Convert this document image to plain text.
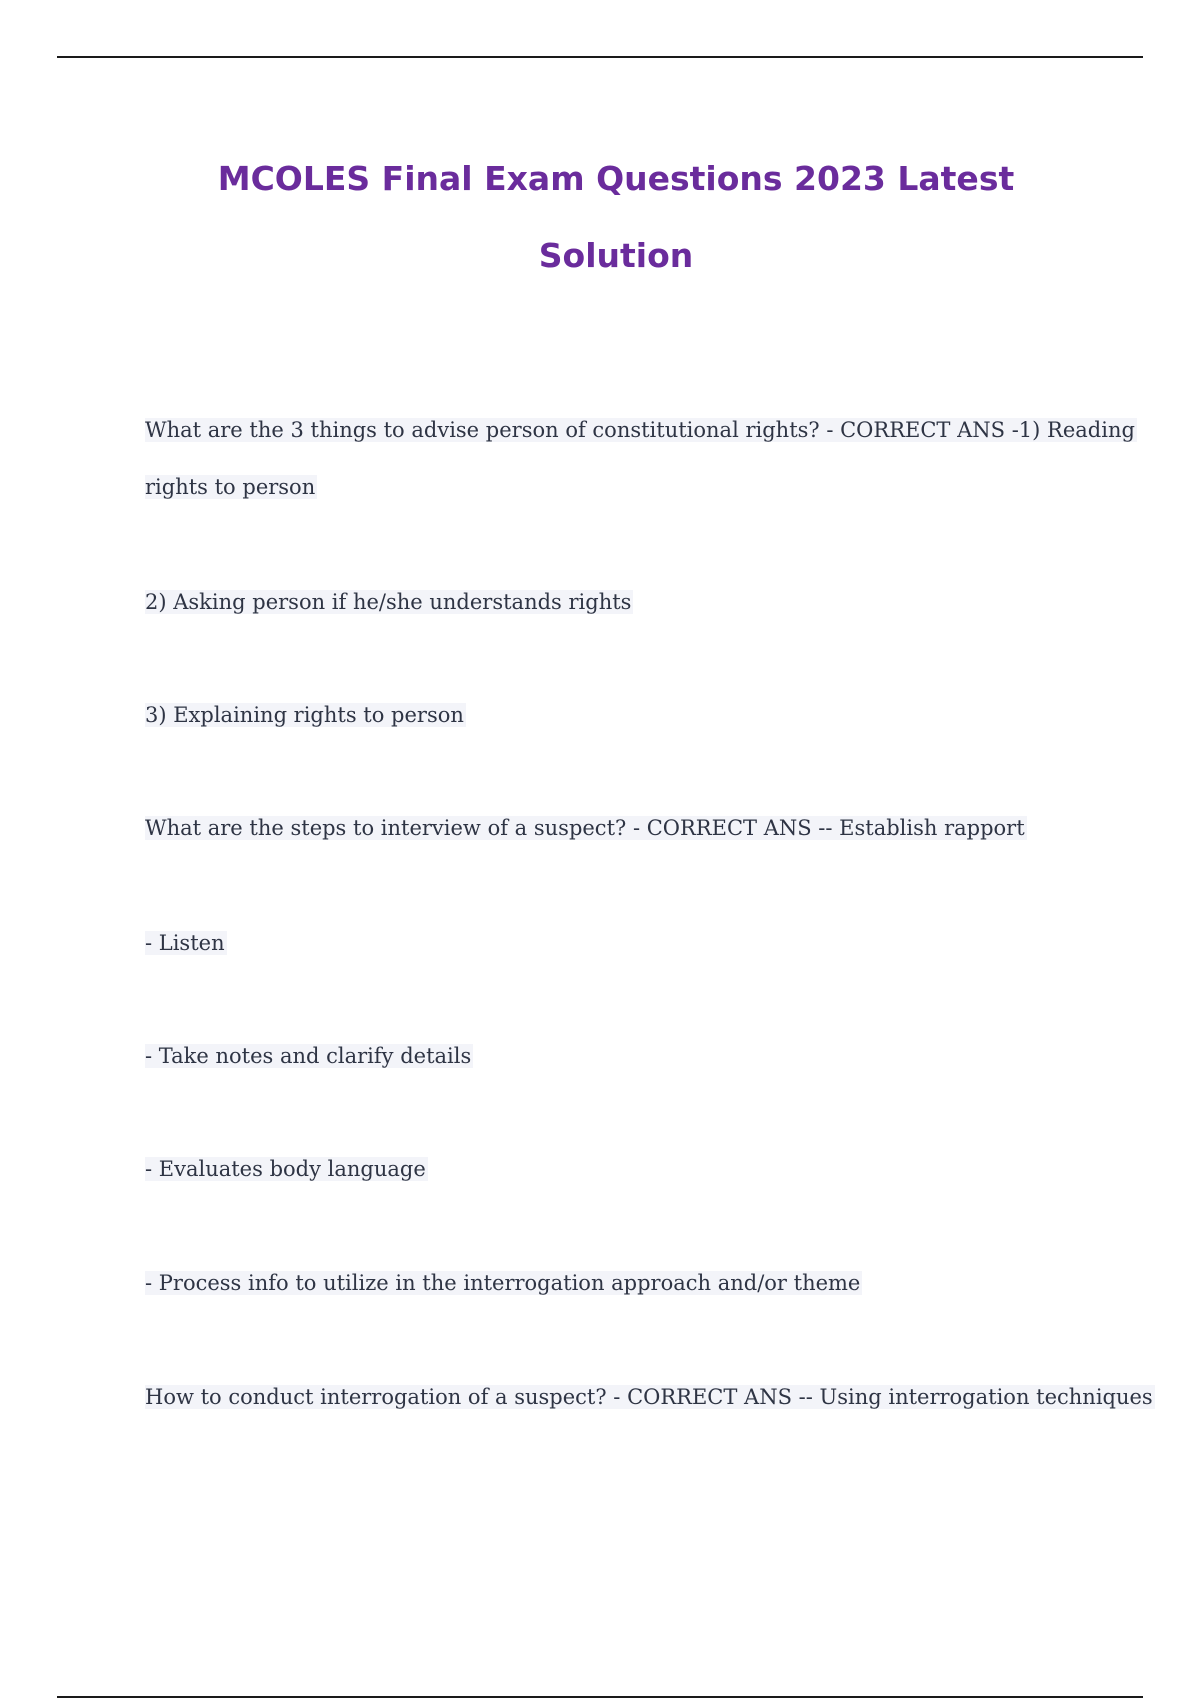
MCOLES Final Exam Questions 2023 Latest
Solution

What are the 3 things to advise person of constitutional rights? - CORRECT ANS -1) Reading

rights to person

2) Asking person if he/she understands rights

3) Explaining rights to person

What are the steps to interview of a suspect? - CORRECT ANS -- Establish rapport

- Listen

- Take notes and clarify details

- Evaluates body language

- Process info to utilize in the interrogation approach and/or theme

How to conduct interrogation of a suspect? - CORRECT ANS -- Using interrogation techniques
